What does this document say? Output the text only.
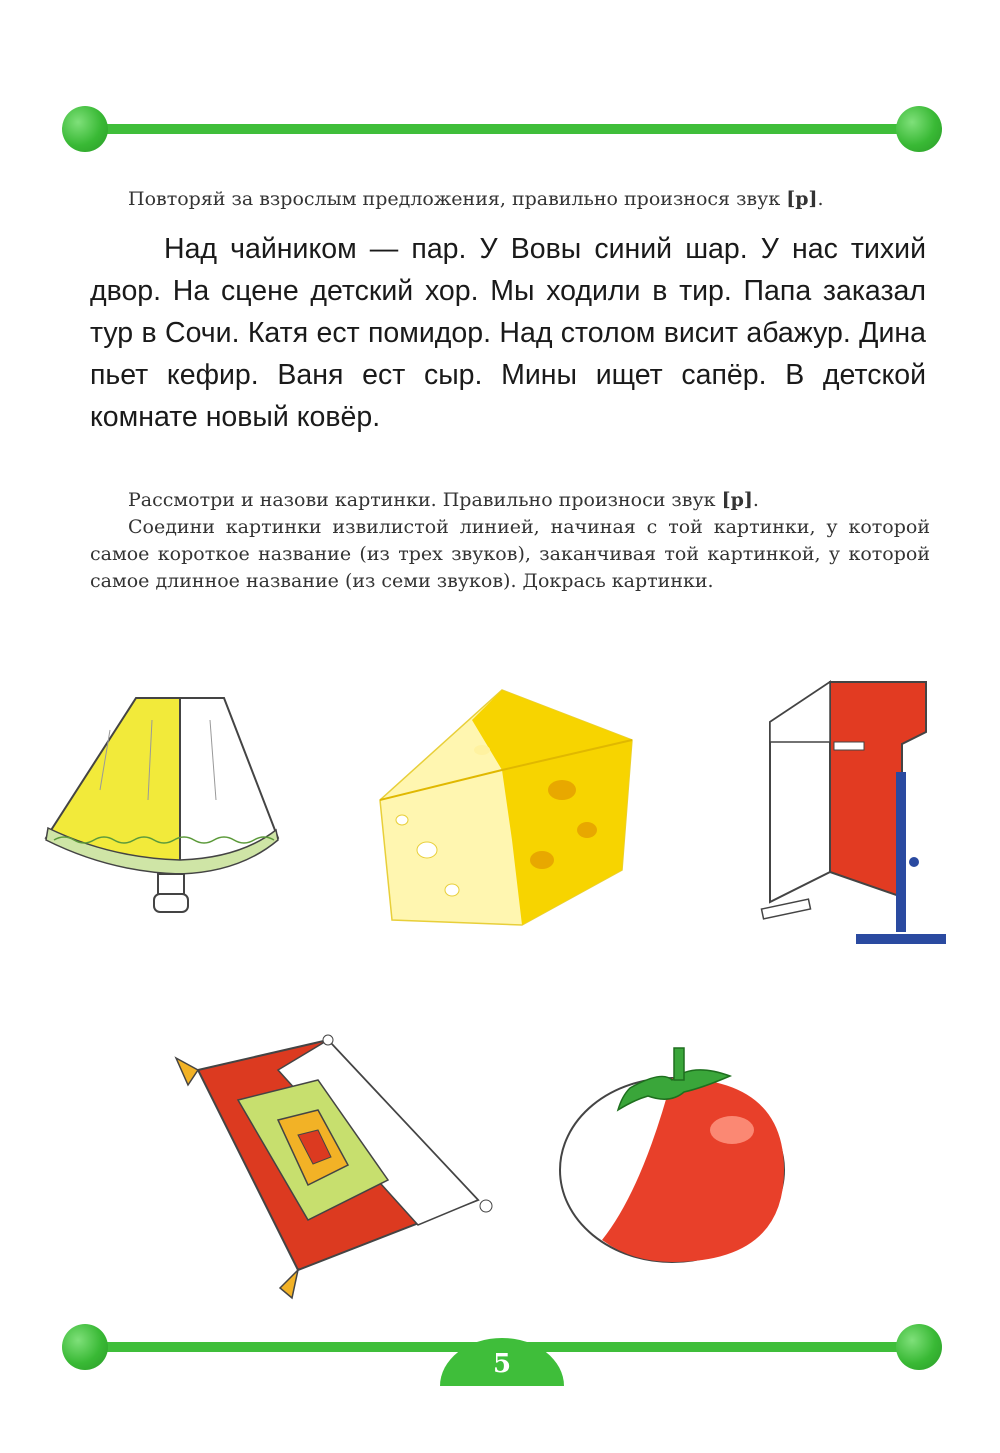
Повторяй за взрослым предложения, правильно произнося звук [р].
Над чайником — пар. У Вовы синий шар. У нас тихий двор. На сцене детский хор. Мы ходили в тир. Папа заказал тур в Сочи. Катя ест помидор. Над столом висит абажур. Дина пьет кефир. Ваня ест сыр. Мины ищет сапёр. В детской комнате новый ковёр.
Рассмотри и назови картинки. Правильно произноси звук [р].
Соедини картинки извилистой линией, начиная с той картинки, у которой самое короткое название (из трех звуков), заканчивая той картинкой, у которой самое длинное название (из семи звуков). Докрась картинки.
5
